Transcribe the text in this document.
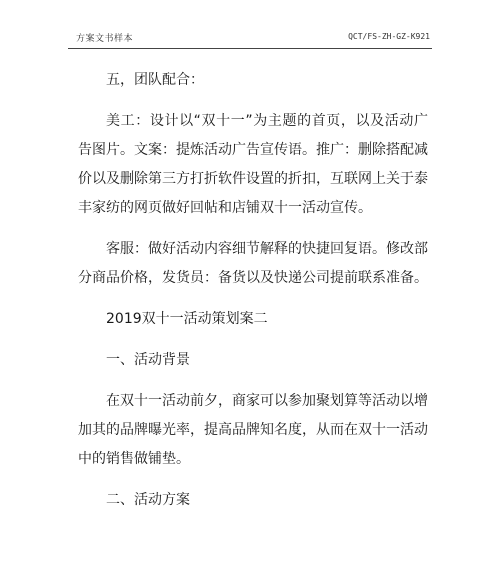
方案文书样本	QCT/FS-ZH-GZ-K921

五，团队配合：

美工：设计以“双十一”为主题的首页，以及活动广告图片。文案：提炼活动广告宣传语。推广：删除搭配减价以及删除第三方打折软件设置的折扣，互联网上关于泰丰家纺的网页做好回帖和店铺双十一活动宣传。

客服：做好活动内容细节解释的快捷回复语。修改部分商品价格，发货员：备货以及快递公司提前联系准备。

2019双十一活动策划案二

一、活动背景

在双十一活动前夕，商家可以参加聚划算等活动以增加其的品牌曝光率，提高品牌知名度，从而在双十一活动中的销售做铺垫。

二、活动方案
